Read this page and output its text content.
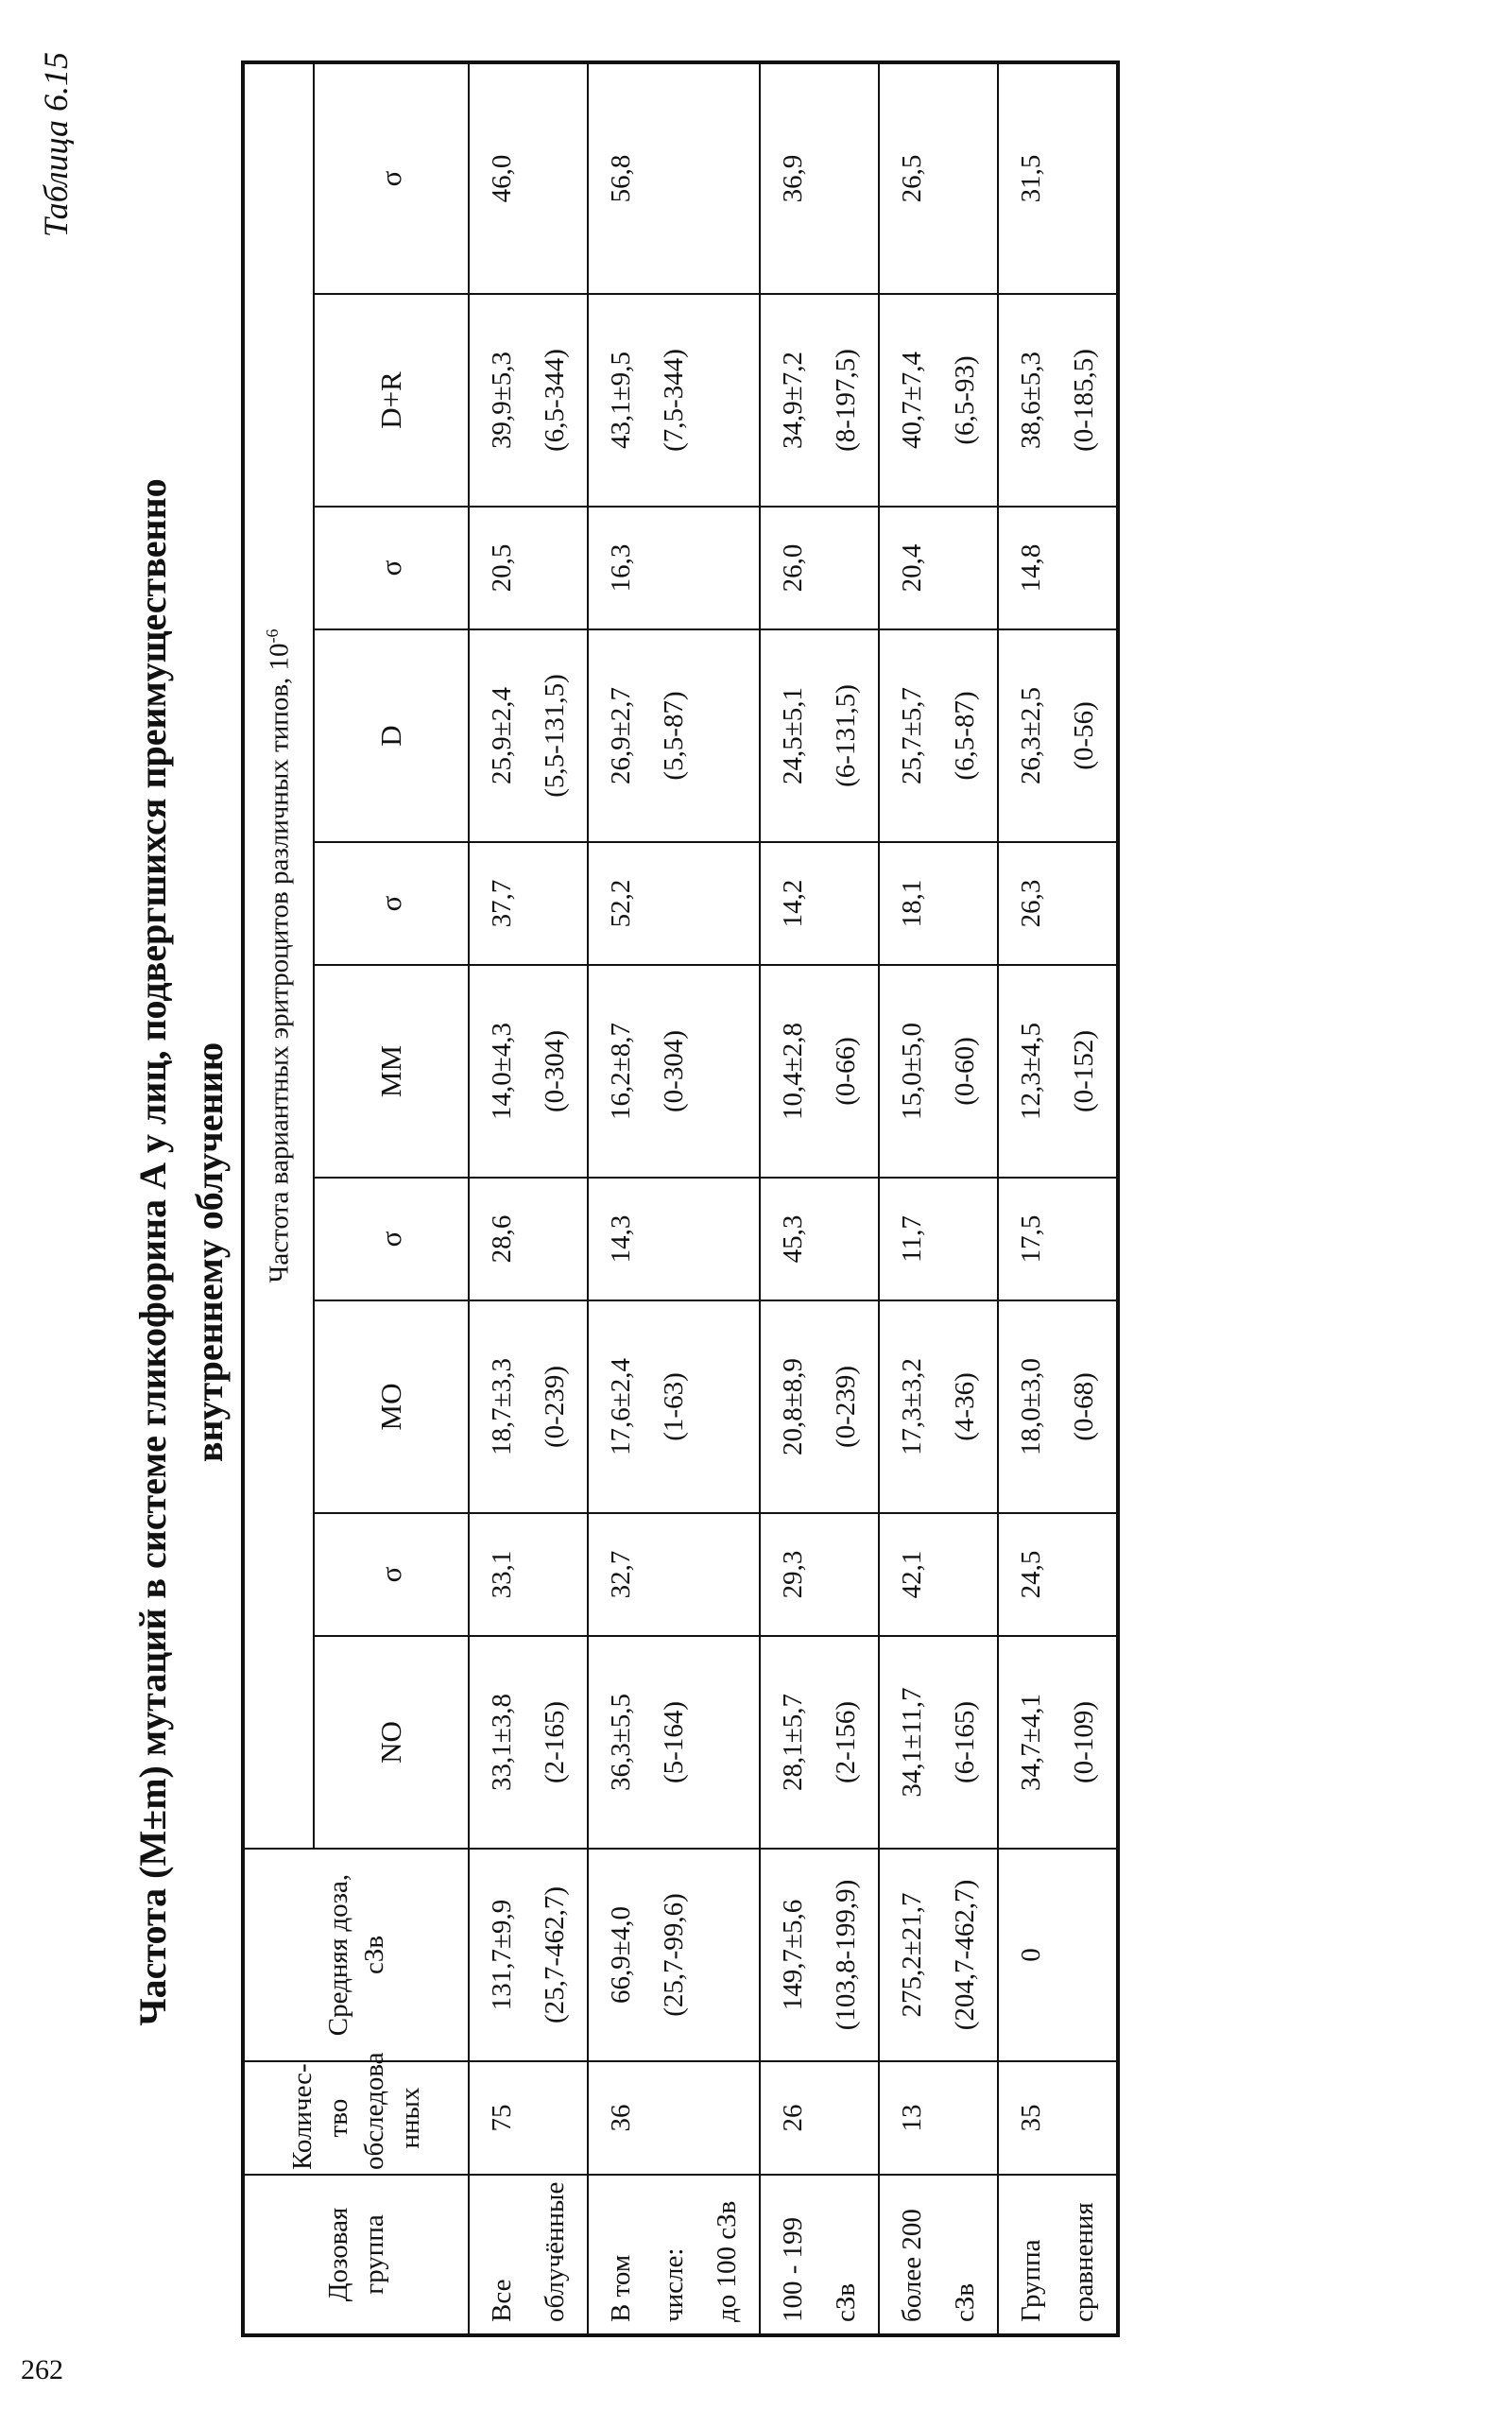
262
Таблица 6.15
Частота (M±m) мутаций в системе гликофорина А у лиц, подвергшихся преимущественно внутреннему облучению
Дозовая группа	Количес- тво обследова нных	Средняя доза, сЗв	Частота вариантных эритроцитов различных типов, $10^{-6}$
			NO	σ	MO	σ	MM	σ	D	σ	D+R	σ

Все облучённые	75	131,7±9,9 (25,7-462,7)	33,1±3,8 (2-165)	33,1	18,7±3,3 (0-239)	28,6	14,0±4,3 (0-304)	37,7	25,9±2,4 (5,5-131,5)	20,5	39,9±5,3 (6,5-344)	46,0

В том числе: до 100 сЗв	36	66,9±4,0 (25,7-99,6)	36,3±5,5 (5-164)	32,7	17,6±2,4 (1-63)	14,3	16,2±8,7 (0-304)	52,2	26,9±2,7 (5,5-87)	16,3	43,1±9,5 (7,5-344)	56,8

100 - 199 сЗв	26	149,7±5,6 (103,8-199,9)	28,1±5,7 (2-156)	29,3	20,8±8,9 (0-239)	45,3	10,4±2,8 (0-66)	14,2	24,5±5,1 (6-131,5)	26,0	34,9±7,2 (8-197,5)	36,9

более 200 сЗв	13	275,2±21,7 (204,7-462,7)	34,1±11,7 (6-165)	42,1	17,3±3,2 (4-36)	11,7	15,0±5,0 (0-60)	18,1	25,7±5,7 (6,5-87)	20,4	40,7±7,4 (6,5-93)	26,5

Группа сравнения	35	0	34,7±4,1 (0-109)	24,5	18,0±3,0 (0-68)	17,5	12,3±4,5 (0-152)	26,3	26,3±2,5 (0-56)	14,8	38,6±5,3 (0-185,5)	31,5
